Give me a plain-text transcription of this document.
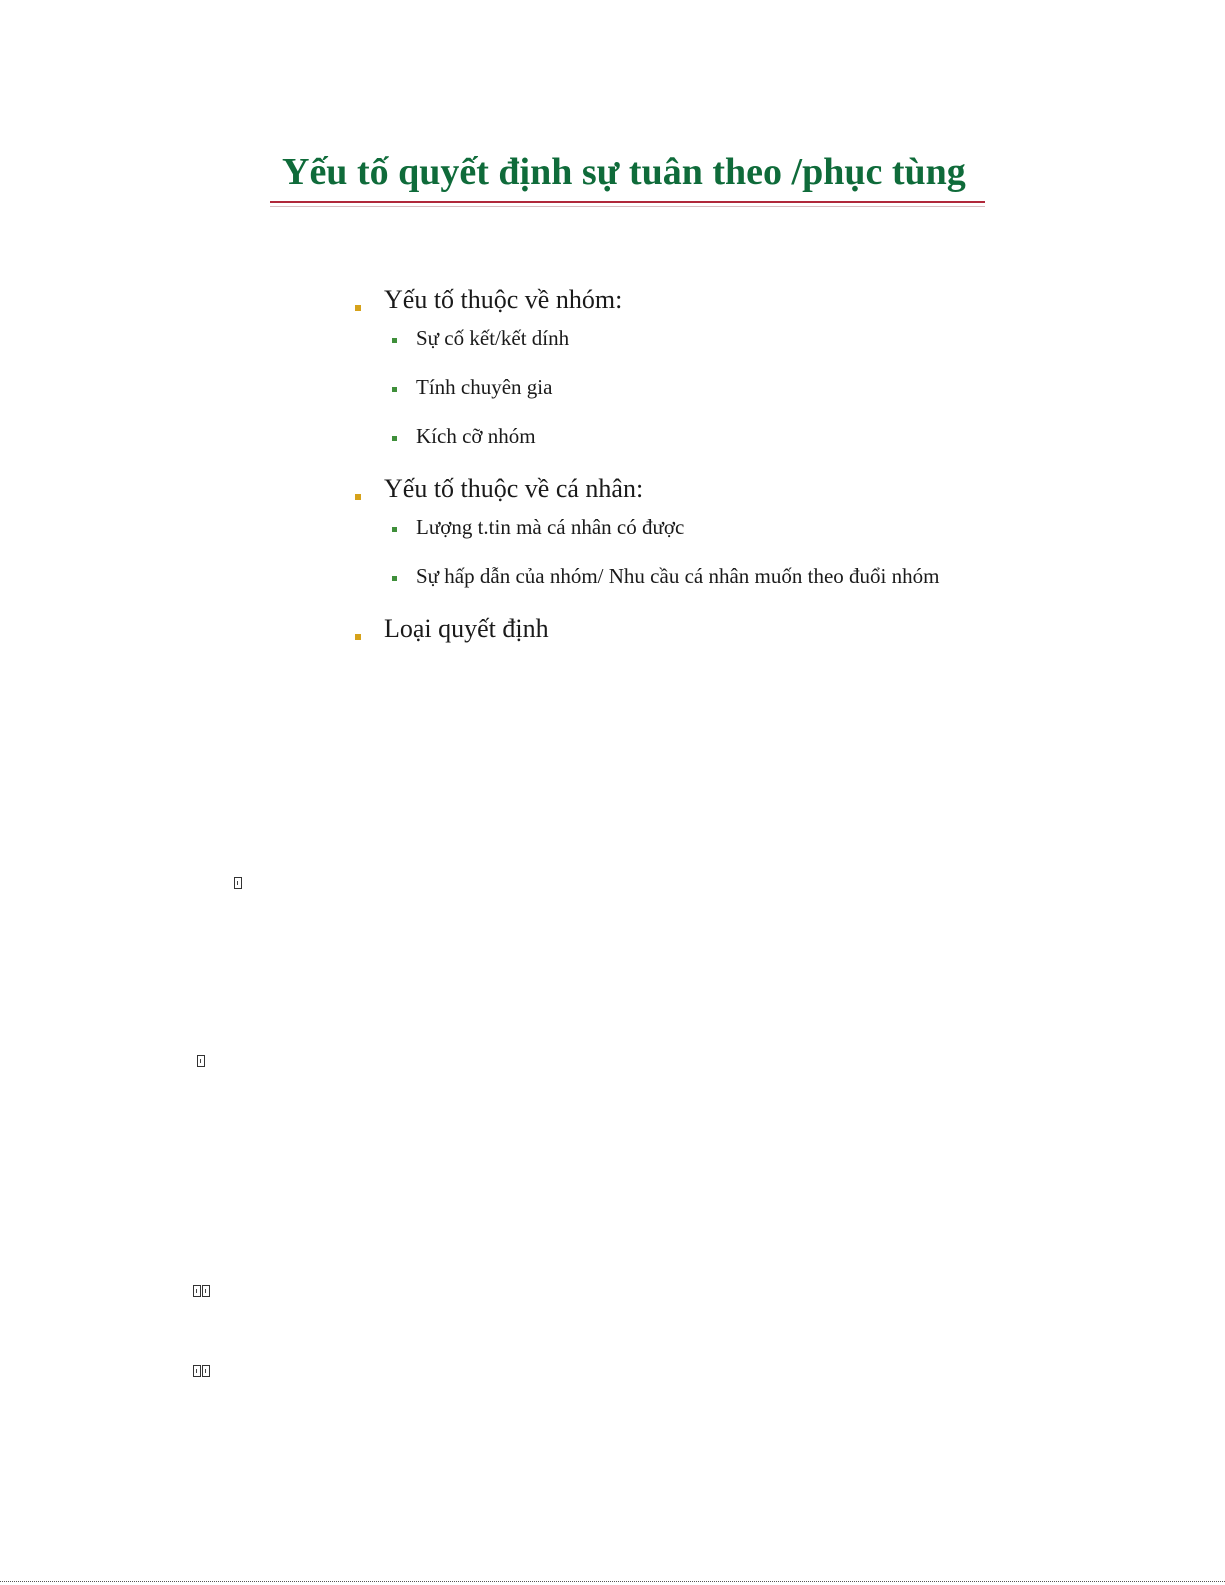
Yếu tố quyết định sự tuân theo /phục tùng

Yếu tố thuộc về nhóm:

Sự cố kết/kết dính

Tính chuyên gia

Kích cỡ nhóm

Yếu tố thuộc về cá nhân:

Lượng t.tin mà cá nhân có được

Sự hấp dẫn của nhóm/ Nhu cầu cá nhân muốn theo đuổi nhóm

Loại quyết định
